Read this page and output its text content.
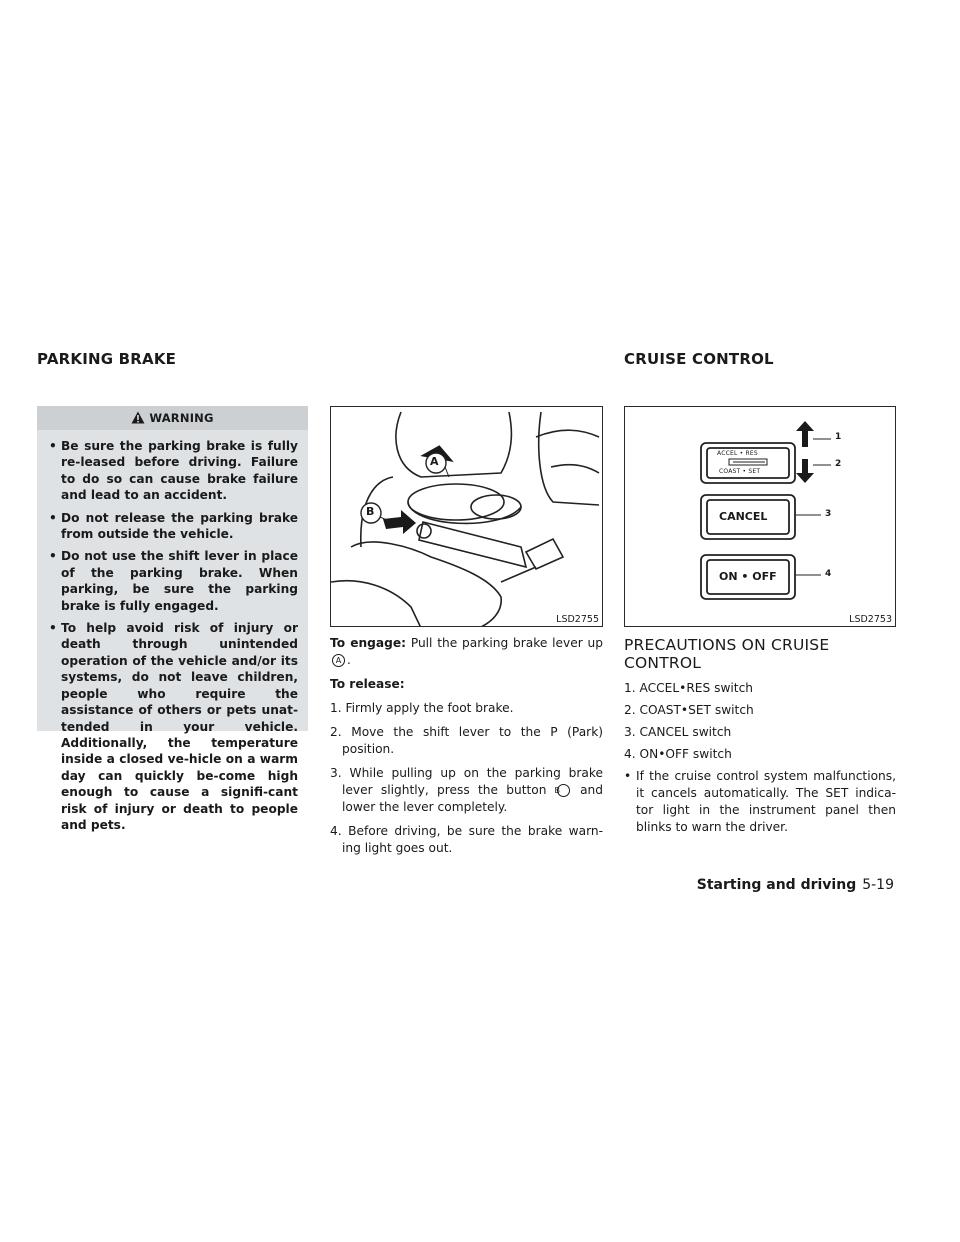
PARKING BRAKE	CRUISE CONTROL
WARNING
• Be sure the parking brake is fully re-leased before driving. Failure to do so can cause brake failure and lead to an accident.
• Do not release the parking brake from outside the vehicle.
• Do not use the shift lever in place of the parking brake. When parking, be sure the parking brake is fully engaged.
• To help avoid risk of injury or death through unintended operation of the vehicle and/or its systems, do not leave children, people who require the assistance of others or pets unat-tended in your vehicle. Additionally, the temperature inside a closed ve-hicle on a warm day can quickly be-come high enough to cause a signifi-cant risk of injury or death to people and pets.
A
B
LSD2755
ACCEL • RES
COAST • SET
CANCEL
ON • OFF
1
2
3
4
LSD2753

To engage: Pull the parking brake lever up A .

To release:

1. Firmly apply the foot brake.

2. Move the shift lever to the P (Park) position.

3. While pulling up on the parking brake lever slightly, press the button B and lower the lever completely.

4. Before driving, be sure the brake warn-ing light goes out.

PRECAUTIONS ON CRUISE CONTROL

1. ACCEL•RES switch

2. COAST•SET switch

3. CANCEL switch

4. ON•OFF switch

• If the cruise control system malfunctions, it cancels automatically. The SET indica-tor light in the instrument panel then blinks to warn the driver.

Starting and driving 5-19
